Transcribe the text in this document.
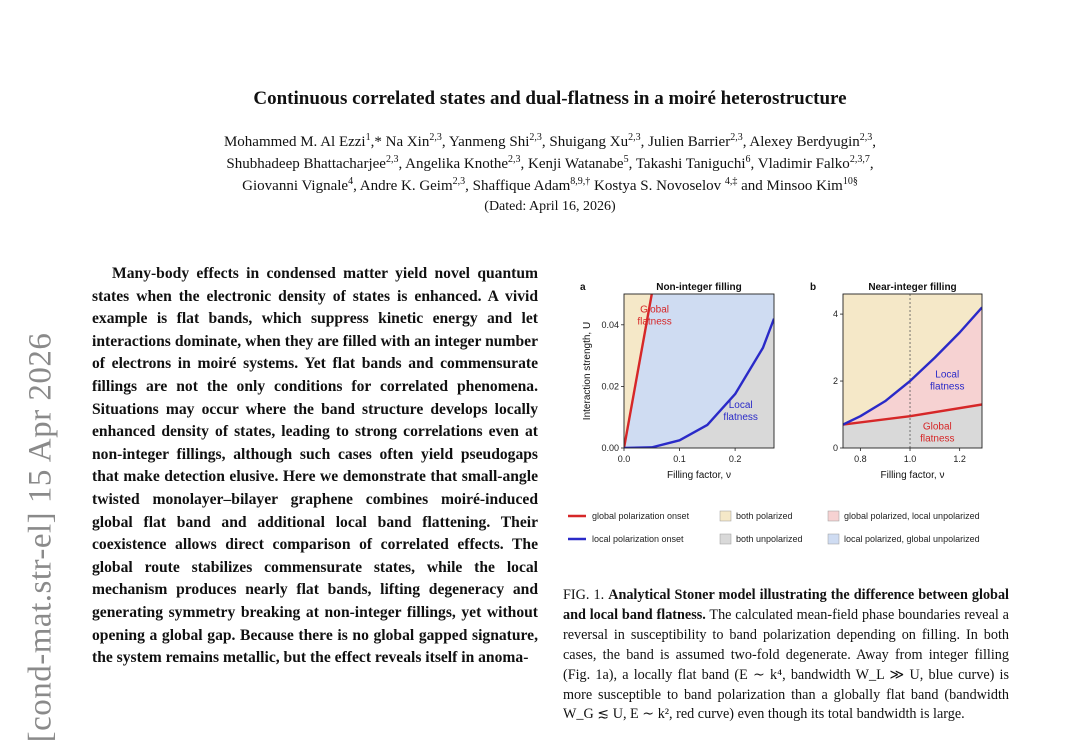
[cond-mat.str-el] 15 Apr 2026
Continuous correlated states and dual-flatness in a moiré heterostructure
Mohammed M. Al Ezzi$^1$,* Na Xin$^{2,3}$, Yanmeng Shi$^{2,3}$, Shuigang Xu$^{2,3}$, Julien Barrier$^{2,3}$, Alexey Berdyugin$^{2,3}$,
Shubhadeep Bhattacharjee$^{2,3}$, Angelika Knothe$^{2,3}$, Kenji Watanabe$^5$, Takashi Taniguchi$^6$, Vladimir Falko$^{2,3,7}$,
Giovanni Vignale$^4$, Andre K. Geim$^{2,3}$, Shaffique Adam$^{8,9,\dagger}$ Kostya S. Novoselov $^{4,\ddagger}$ and Minsoo Kim$^{10\S}$
(Dated: April 16, 2026)

Many-body effects in condensed matter yield novel quantum states when the electronic density of states is enhanced. A vivid example is flat bands, which suppress kinetic energy and let interactions dominate, when they are filled with an integer number of electrons in moiré systems. Yet flat bands and commensurate fillings are not the only conditions for correlated phenomena. Situations may occur where the band structure develops locally enhanced density of states, leading to strong correlations even at non-integer fillings, although such cases often yield pseudogaps that make detection elusive. Here we demonstrate that small-angle twisted monolayer–bilayer graphene combines moiré-induced global flat band and additional local band flattening. Their coexistence allows direct comparison of correlated effects. The global route stabilizes commensurate states, while the local mechanism produces nearly flat bands, lifting degeneracy and generating symmetry breaking at non-integer fillings, yet without opening a global gap. Because there is no global gapped signature, the system remains metallic, but the effect reveals itself in anoma-

0.0	0.1	0.2
0.00
0.02
0.04
a	Non-integer filling
Filling factor, ν
Interaction strength, U
Global
flatness
Local
flatness
0.8	1.0	1.2
0
2
4
b	Near-integer filling
Filling factor, ν
Local
flatness
Global
flatness
global polarization onset	both polarized	global polarized, local unpolarized
local polarization onset	both unpolarized	local polarized, global unpolarized

FIG. 1. Analytical Stoner model illustrating the difference between global and local band flatness. The calculated mean-field phase boundaries reveal a reversal in susceptibility to band polarization depending on filling. In both cases, the band is assumed two-fold degenerate. Away from integer filling (Fig. 1a), a locally flat band (E ∼ k⁴, bandwidth W_L ≫ U, blue curve) is more susceptible to band polarization than a globally flat band (bandwidth W_G ≲ U, E ∼ k², red curve) even though its total bandwidth is large.
